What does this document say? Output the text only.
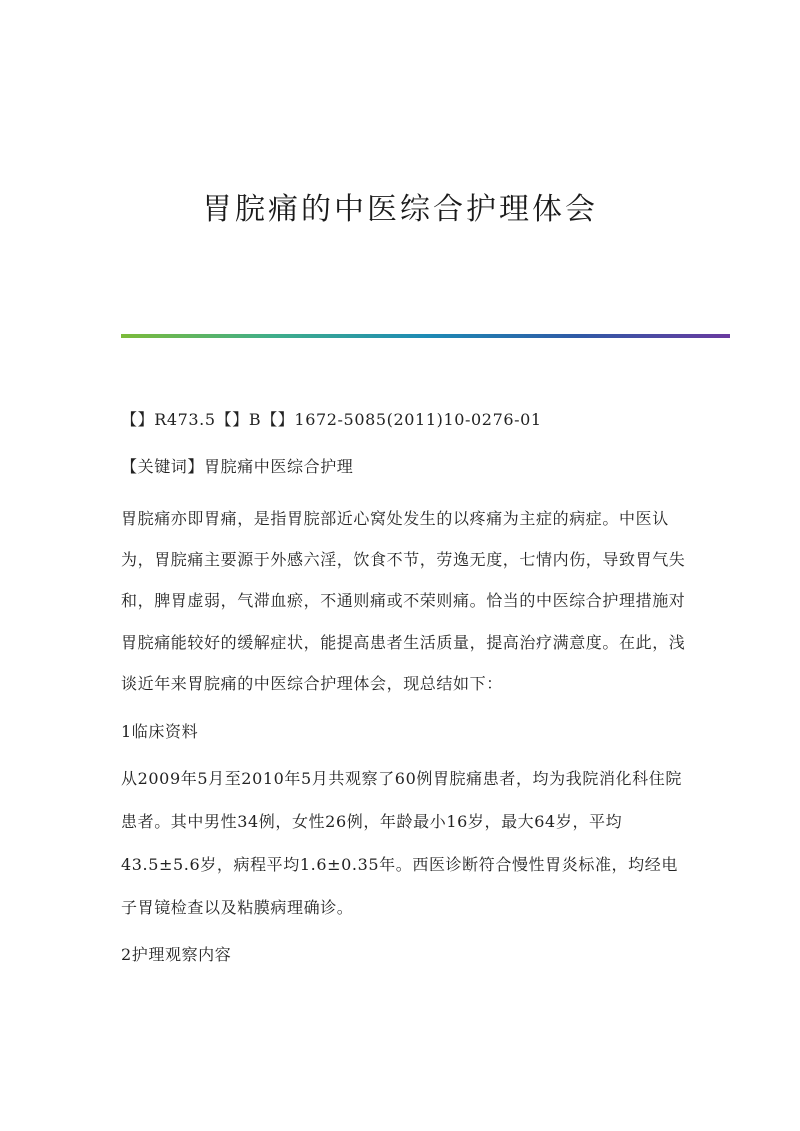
胃脘痛的中医综合护理体会
【】R473.5【】B【】1672-5085(2011)10-0276-01
【关键词】胃脘痛中医综合护理
胃脘痛亦即胃痛，是指胃脘部近心窝处发生的以疼痛为主症的病症。中医认
为，胃脘痛主要源于外感六淫，饮食不节，劳逸无度，七情内伤，导致胃气失
和，脾胃虚弱，气滞血瘀，不通则痛或不荣则痛。恰当的中医综合护理措施对
胃脘痛能较好的缓解症状，能提高患者生活质量，提高治疗满意度。在此，浅
谈近年来胃脘痛的中医综合护理体会，现总结如下：
1临床资料
从2009年5月至2010年5月共观察了60例胃脘痛患者，均为我院消化科住院
患者。其中男性34例，女性26例，年龄最小16岁，最大64岁，平均
43.5±5.6岁，病程平均1.6±0.35年。西医诊断符合慢性胃炎标准，均经电
子胃镜检查以及粘膜病理确诊。
2护理观察内容
